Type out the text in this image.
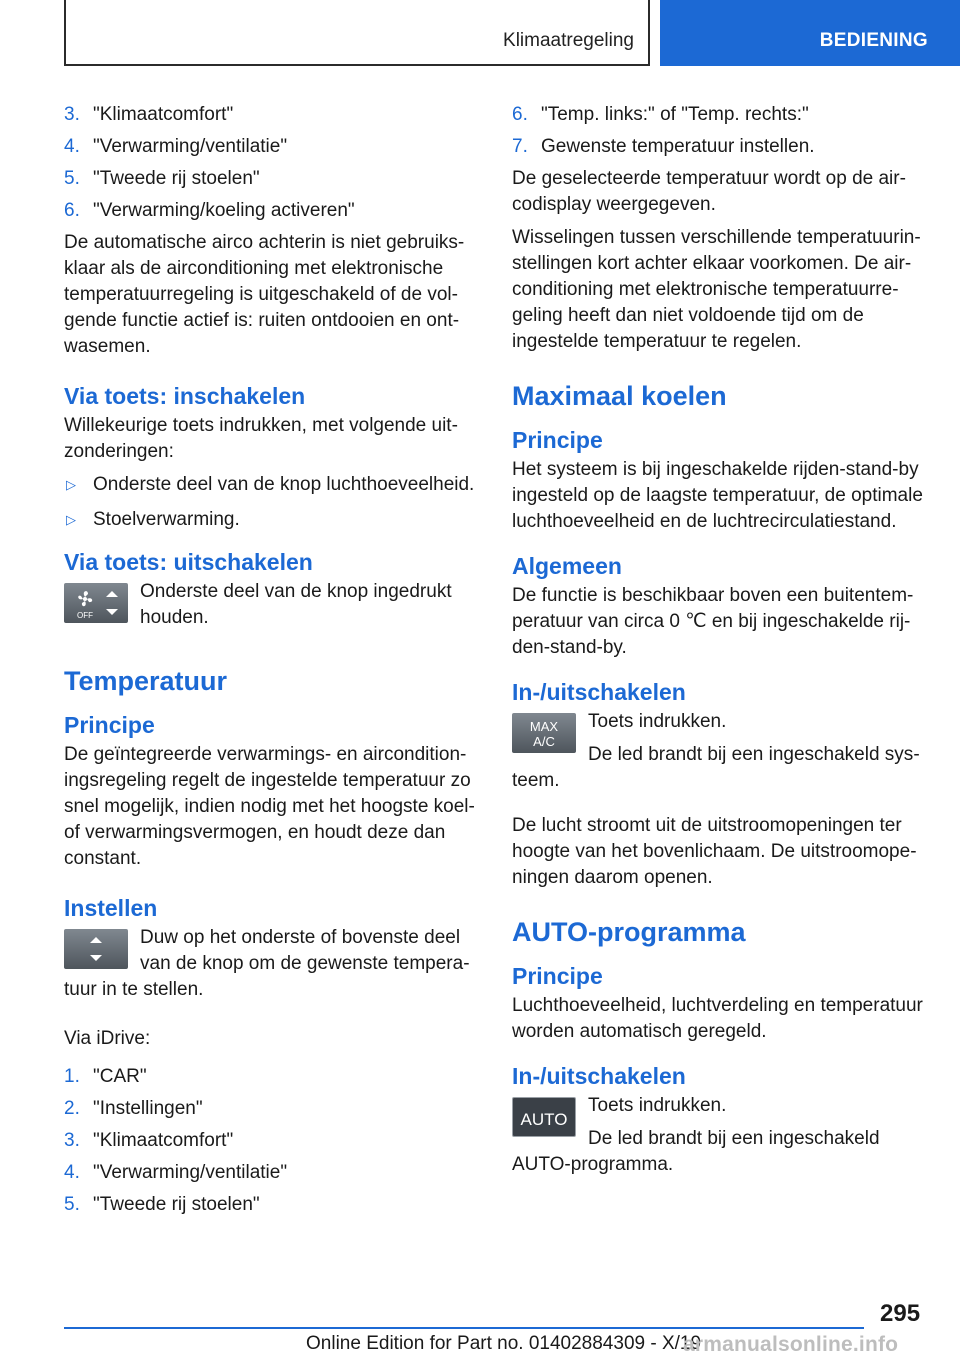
Klimaatregeling	BEDIENING
3. "Klimaatcomfort"
4. "Verwarming/ventilatie"
5. "Tweede rij stoelen"
6. "Verwarming/koeling activeren"

De automatische airco achterin is niet gebruiksklaar als de airconditioning met elektronische temperatuurregeling is uitgeschakeld of de volgende functie actief is: ruiten ontdooien en ontwasemen.

Via toets: inschakelen

Willekeurige toets indrukken, met volgende uitzonderingen:

▷ Onderste deel van de knop luchthoeveelheid.
▷ Stoelverwarming.
Via toets: uitschakelen
OFF

Onderste deel van de knop ingedrukt houden.

Temperatuur
Principe

De geïntegreerde verwarmings- en airconditioningsregeling regelt de ingestelde temperatuur zo snel mogelijk, indien nodig met het hoogste koel- of verwarmingsvermogen, en houdt deze dan constant.

Instellen

Duw op het onderste of bovenste deel van de knop om de gewenste temperatuur in te stellen.

Via iDrive:

1. "CAR"
2. "Instellingen"
3. "Klimaatcomfort"
4. "Verwarming/ventilatie"
5. "Tweede rij stoelen"
6. "Temp. links:" of "Temp. rechts:"
7. Gewenste temperatuur instellen.

De geselecteerde temperatuur wordt op de aircodisplay weergegeven.

Wisselingen tussen verschillende temperatuurinstellingen kort achter elkaar voorkomen. De airconditioning met elektronische temperatuurregeling heeft dan niet voldoende tijd om de ingestelde temperatuur te regelen.

Maximaal koelen
Principe

Het systeem is bij ingeschakelde rijden-stand-by ingesteld op de laagste temperatuur, de optimale luchthoeveelheid en de luchtrecirculatiestand.

Algemeen

De functie is beschikbaar boven een buitentemperatuur van circa 0 ℃ en bij ingeschakelde rijden-stand-by.

In-/uitschakelen
MAX
A/C

Toets indrukken.

De led brandt bij een ingeschakeld systeem.

De lucht stroomt uit de uitstroomopeningen ter hoogte van het bovenlichaam. De uitstroomopeningen daarom openen.

AUTO-programma
Principe

Luchthoeveelheid, luchtverdeling en temperatuur worden automatisch geregeld.

In-/uitschakelen
AUTO

Toets indrukken.

De led brandt bij een ingeschakeld AUTO-programma.

295
Online Edition for Part no. 01402884309 - X/19
armanualsonline.info
